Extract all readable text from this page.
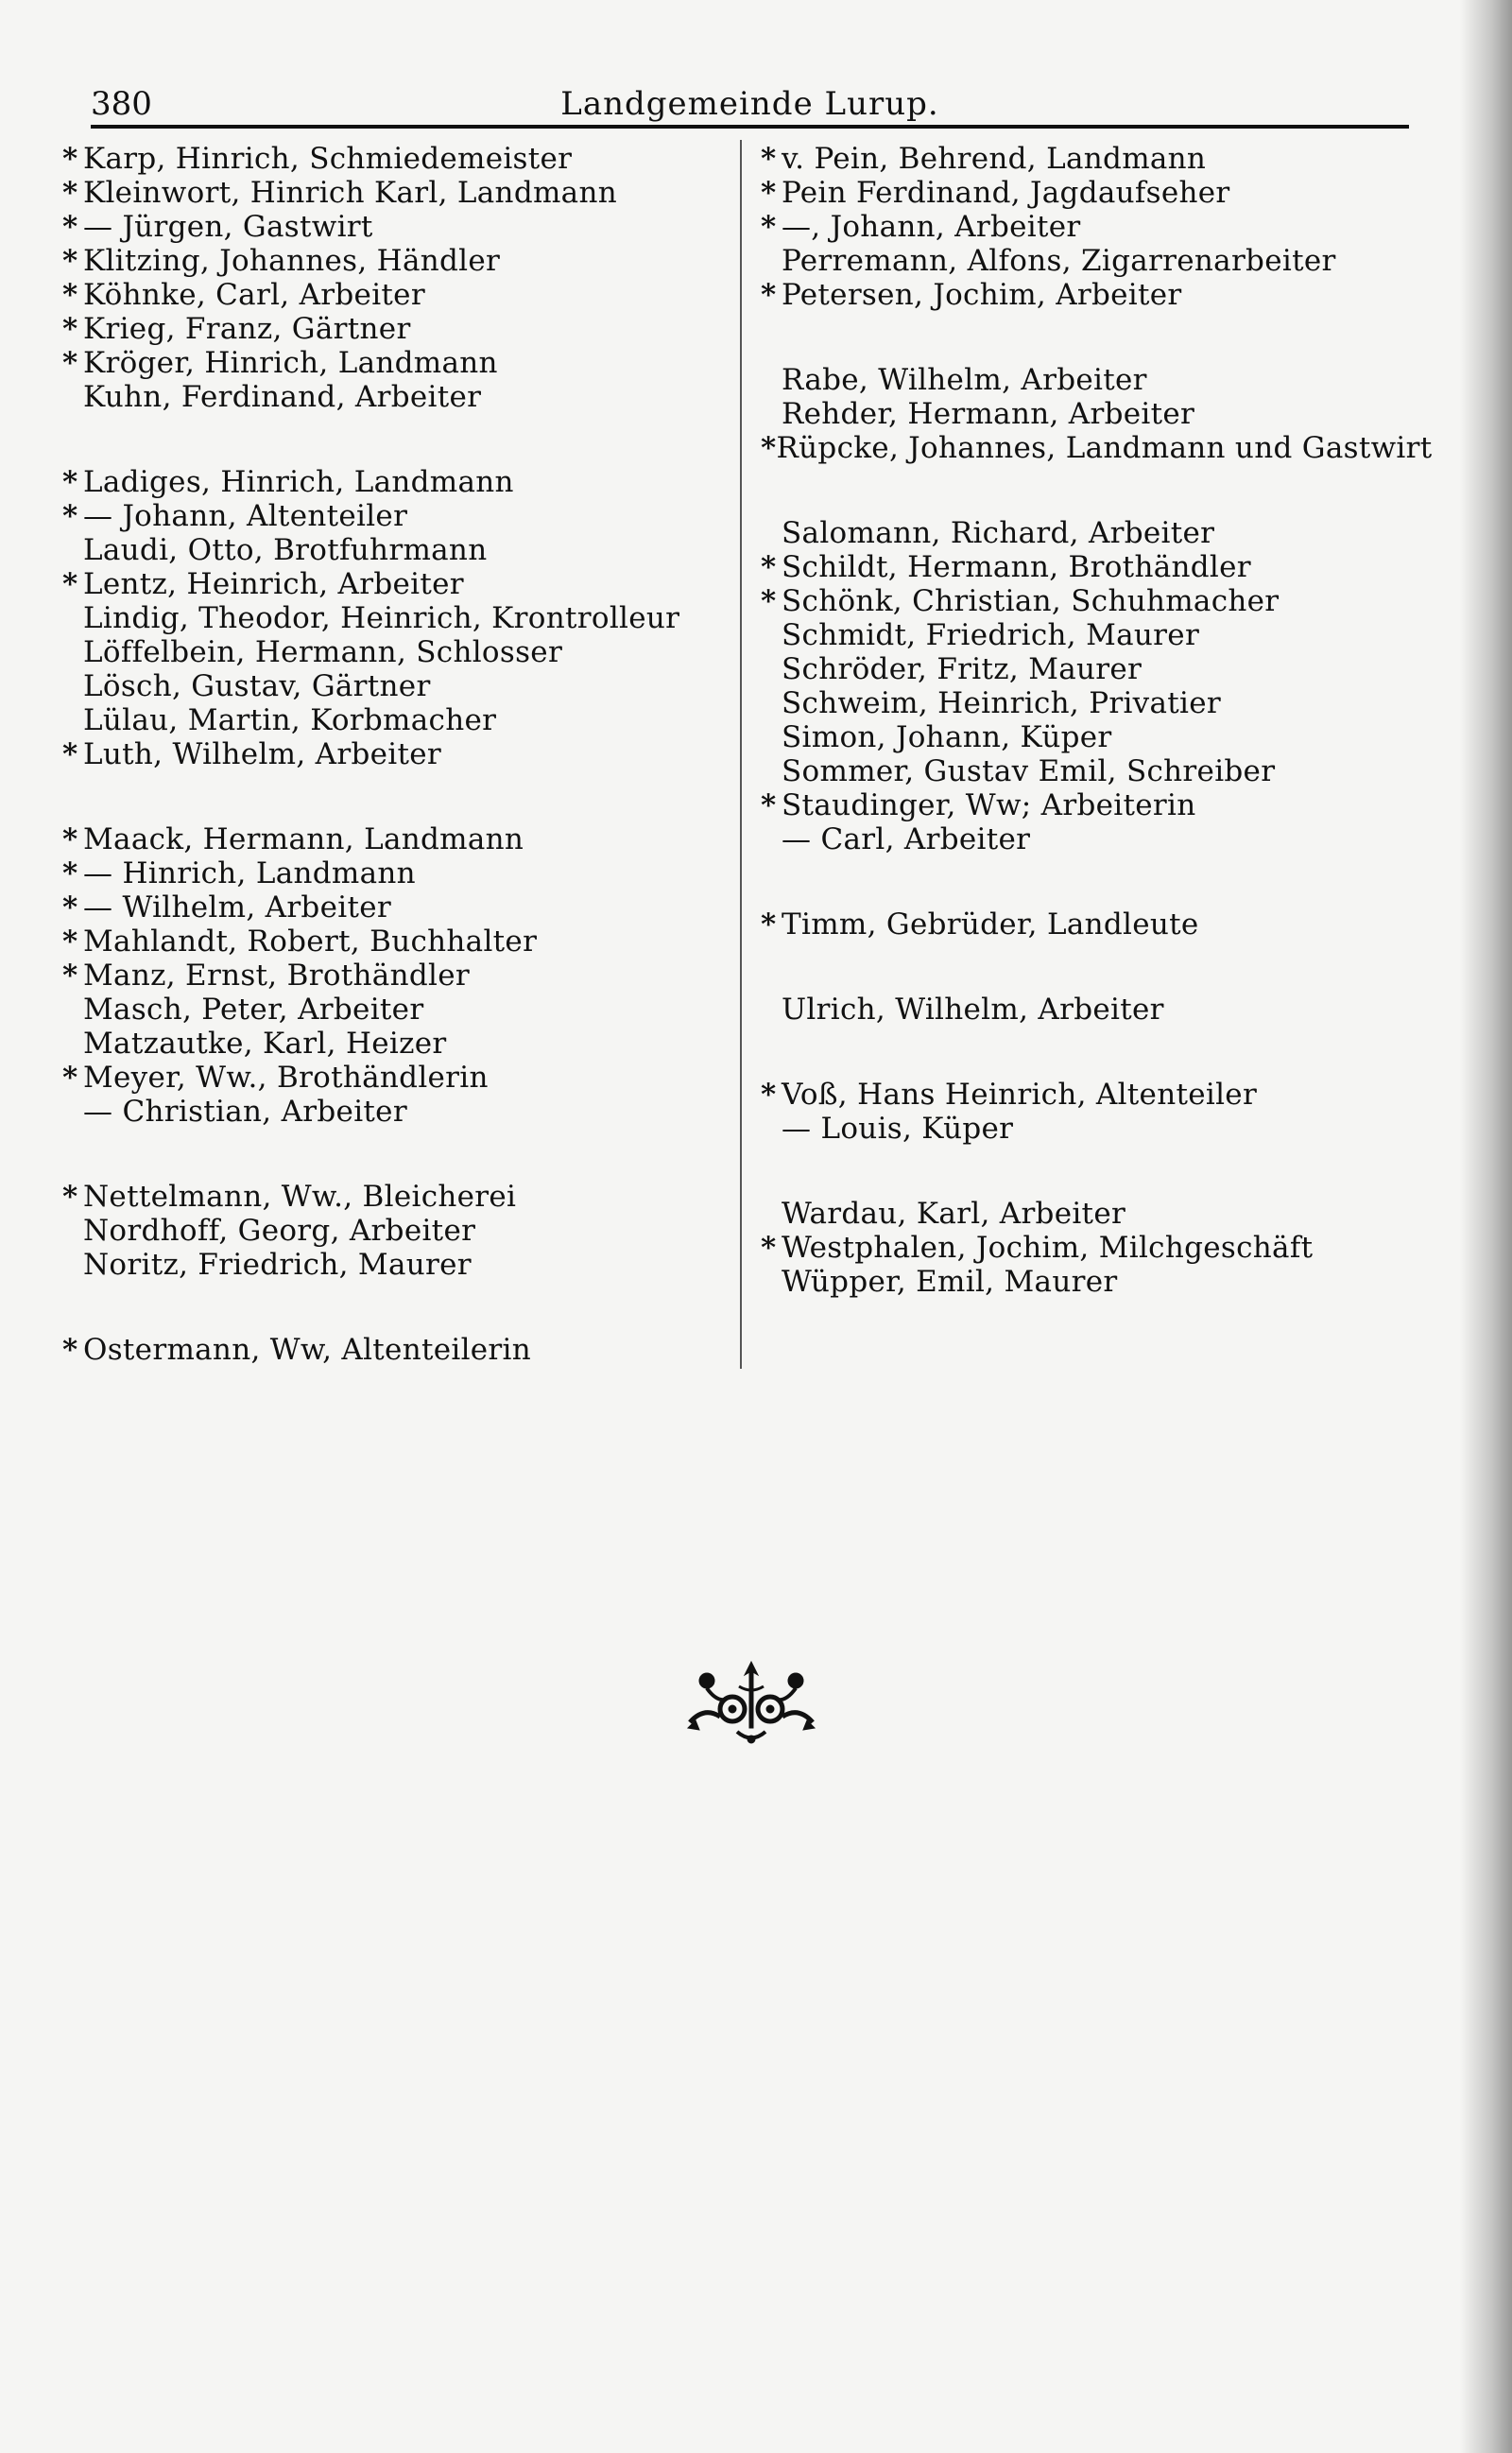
380	Landgemeinde Lurup.
* Karp, Hinrich, Schmiedemeister
* Kleinwort, Hinrich Karl, Landmann
* — Jürgen, Gastwirt
* Klitzing, Johannes, Händler
* Köhnke, Carl, Arbeiter
* Krieg, Franz, Gärtner
* Kröger, Hinrich, Landmann
Kuhn, Ferdinand, Arbeiter
* Ladiges, Hinrich, Landmann
* — Johann, Altenteiler
Laudi, Otto, Brotfuhrmann
* Lentz, Heinrich, Arbeiter
Lindig, Theodor, Heinrich, Krontrolleur
Löffelbein, Hermann, Schlosser
Lösch, Gustav, Gärtner
Lülau, Martin, Korbmacher
* Luth, Wilhelm, Arbeiter
* Maack, Hermann, Landmann
* — Hinrich, Landmann
* — Wilhelm, Arbeiter
* Mahlandt, Robert, Buchhalter
* Manz, Ernst, Brothändler
Masch, Peter, Arbeiter
Matzautke, Karl, Heizer
* Meyer, Ww., Brothändlerin
— Christian, Arbeiter
* Nettelmann, Ww., Bleicherei
Nordhoff, Georg, Arbeiter
Noritz, Friedrich, Maurer
* Ostermann, Ww, Altenteilerin
* v. Pein, Behrend, Landmann
* Pein Ferdinand, Jagdaufseher
* —, Johann, Arbeiter
Perremann, Alfons, Zigarrenarbeiter
* Petersen, Jochim, Arbeiter
Rabe, Wilhelm, Arbeiter
Rehder, Hermann, Arbeiter
* Rüpcke, Johannes, Landmann und Gastwirt
Salomann, Richard, Arbeiter
* Schildt, Hermann, Brothändler
* Schönk, Christian, Schuhmacher
Schmidt, Friedrich, Maurer
Schröder, Fritz, Maurer
Schweim, Heinrich, Privatier
Simon, Johann, Küper
Sommer, Gustav Emil, Schreiber
* Staudinger, Ww; Arbeiterin
— Carl, Arbeiter
* Timm, Gebrüder, Landleute
Ulrich, Wilhelm, Arbeiter
* Voß, Hans Heinrich, Altenteiler
— Louis, Küper
Wardau, Karl, Arbeiter
* Westphalen, Jochim, Milchgeschäft
Wüpper, Emil, Maurer
